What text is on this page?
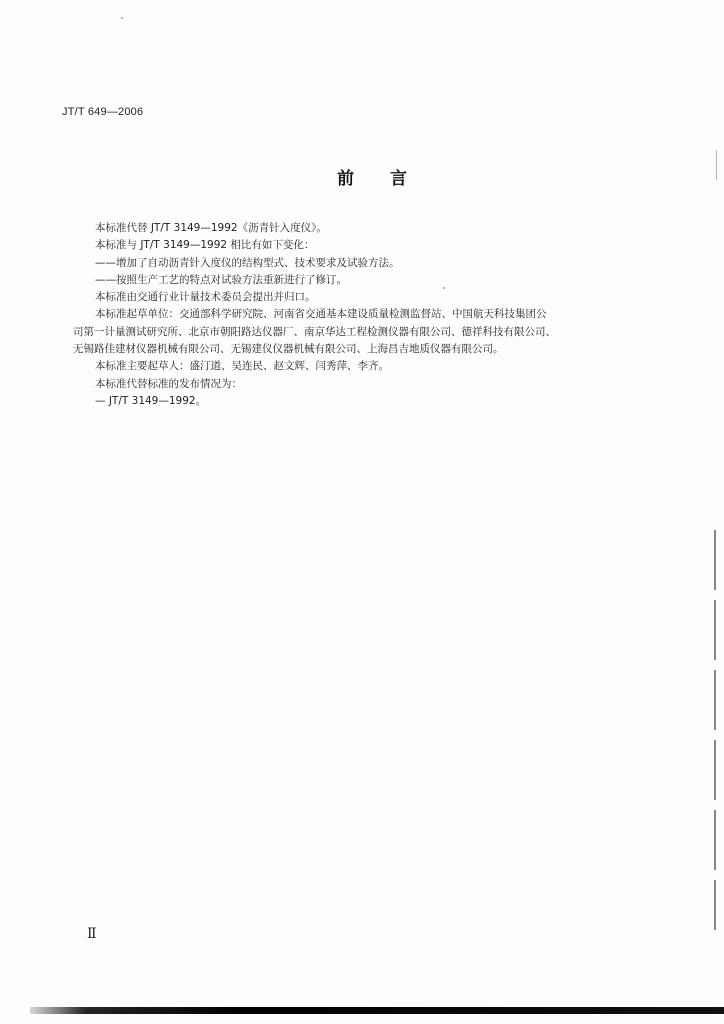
JT/T 649—2006
前 言
本标准代替 JT/T 3149—1992《沥青针入度仪》。
本标准与 JT/T 3149—1992 相比有如下变化：
——增加了自动沥青针入度仪的结构型式、技术要求及试验方法。
——按照生产工艺的特点对试验方法重新进行了修订。
本标准由交通行业计量技术委员会提出并归口。
本标准起草单位：交通部科学研究院、河南省交通基本建设质量检测监督站、中国航天科技集团公
司第一计量测试研究所、北京市朝阳路达仪器厂、南京华达工程检测仪器有限公司、德祥科技有限公司、
无锡路佳建材仪器机械有限公司、无锡建仪仪器机械有限公司、上海昌吉地质仪器有限公司。
本标准主要起草人：盛汀道、吴连民、赵文辉、闫秀萍、李齐。
本标准代替标准的发布情况为：
— JT/T 3149—1992。
Ⅱ
